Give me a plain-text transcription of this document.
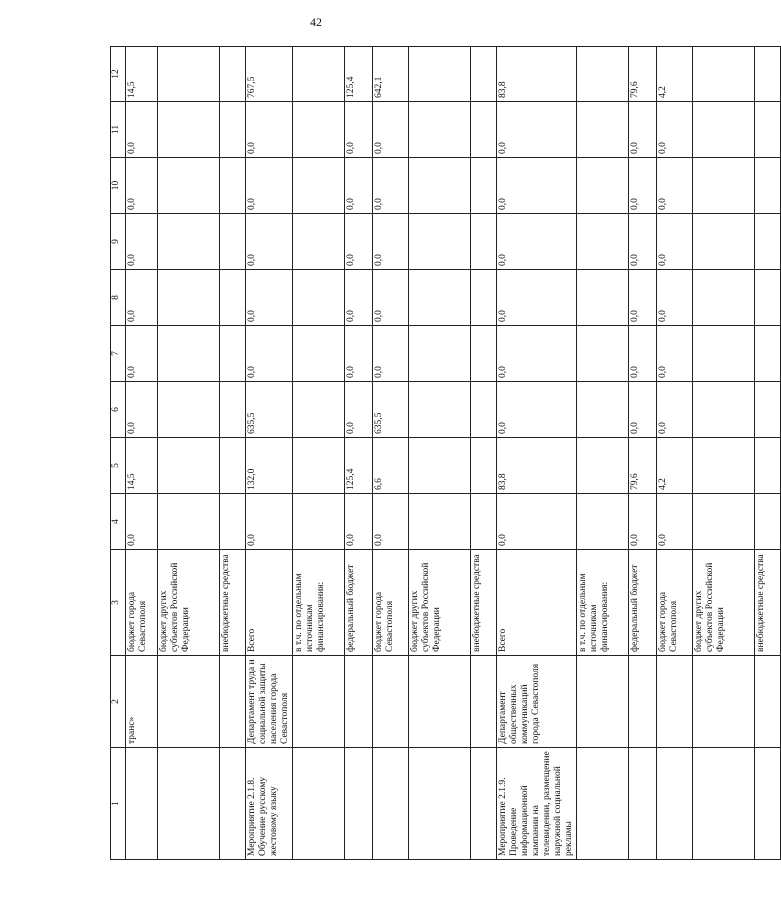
42
1	2	3	4	5	6	7	8	9	10	11	12
	транс»	бюджет города Севастополя	0,0	14,5	0,0	0,0	0,0	0,0	0,0	0,0	14,5
		бюджет других субъектов Российской Федерации									
		внебюджетные средства									
Мероприятие 2.1.8. Обучение русскому жестовому языку	Департамент труда и социальной защиты населения города Севастополя	Всего	0,0	132,0	635,5	0,0	0,0	0,0	0,0	0,0	767,5
		в т.ч. по отдельным источникам финансирования:									
		федеральный бюджет	0,0	125,4	0,0	0,0	0,0	0,0	0,0	0,0	125,4
		бюджет города Севастополя	0,0	6,6	635,5	0,0	0,0	0,0	0,0	0,0	642,1
		бюджет других субъектов Российской Федерации									
		внебюджетные средства									
Мероприятие 2.1.9. Проведение информационной кампании на телевидении, размещение наружной социальной рекламы	Департамент общественных коммуникаций города Севастополя	Всего	0,0	83,8	0,0	0,0	0,0	0,0	0,0	0,0	83,8
		в т.ч. по отдельным источникам финансирования:									
		федеральный бюджет	0,0	79,6	0,0	0,0	0,0	0,0	0,0	0,0	79,6
		бюджет города Севастополя	0,0	4,2	0,0	0,0	0,0	0,0	0,0	0,0	4,2
		бюджет других субъектов Российской Федерации									
		внебюджетные средства									
